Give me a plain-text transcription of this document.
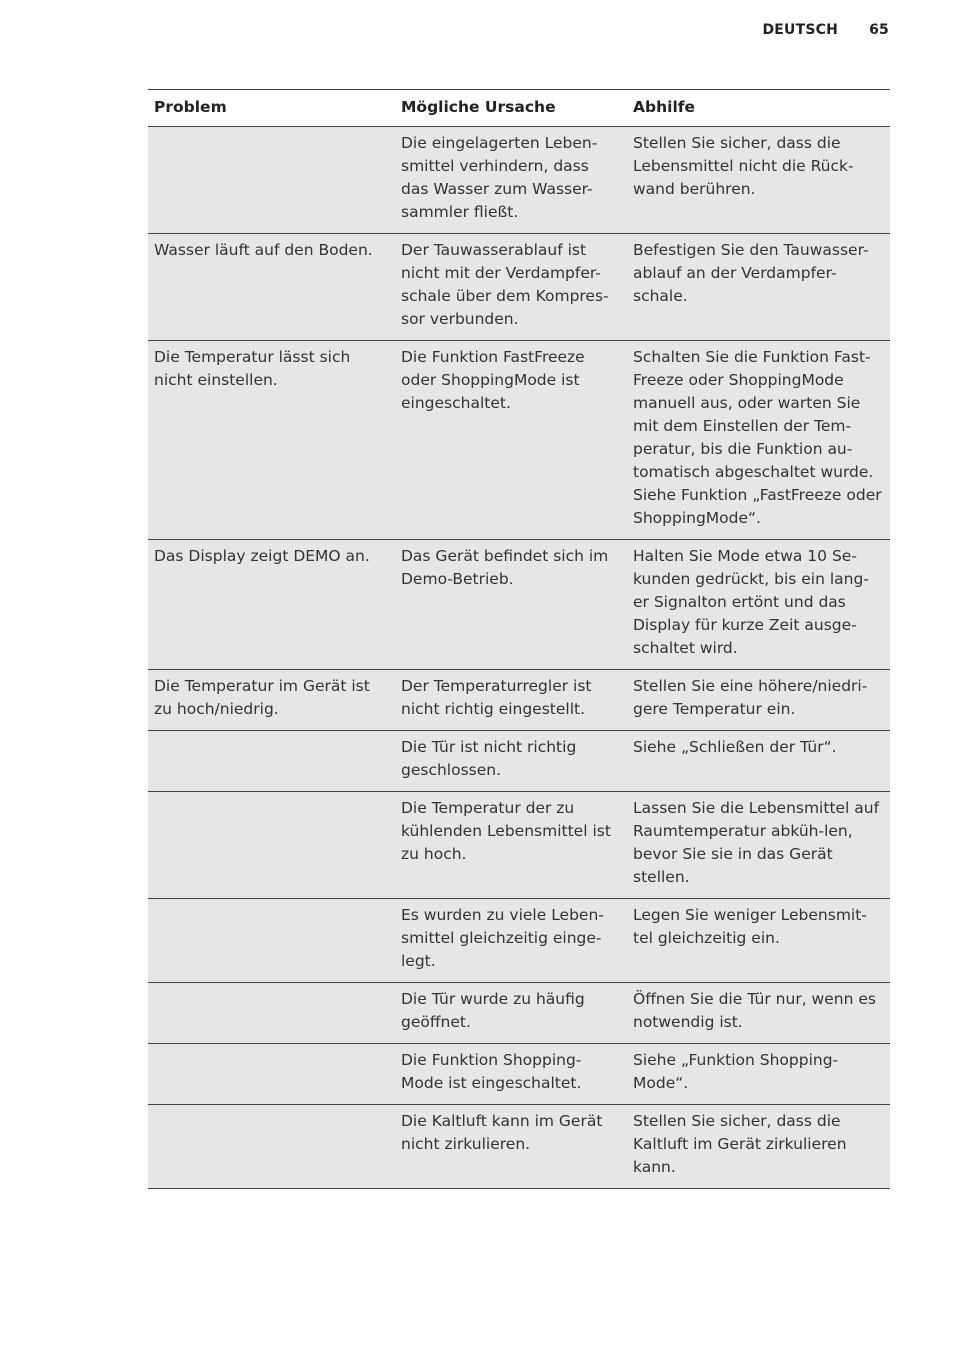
DEUTSCH 65
Problem	Mögliche Ursache	Abhilfe
	Die eingelagerten Leben-smittel verhindern, dass das Wasser zum Wasser-sammler fließt.	Stellen Sie sicher, dass die Lebensmittel nicht die Rück-wand berühren.
Wasser läuft auf den Boden.	Der Tauwasserablauf ist nicht mit der Verdampfer-schale über dem Kompres-sor verbunden.	Befestigen Sie den Tauwasser-ablauf an der Verdampfer-schale.
Die Temperatur lässt sich nicht einstellen.	Die Funktion FastFreeze oder ShoppingMode ist eingeschaltet.	Schalten Sie die Funktion Fast-Freeze oder ShoppingMode manuell aus, oder warten Sie mit dem Einstellen der Tem-peratur, bis die Funktion au-tomatisch abgeschaltet wurde. Siehe Funktion „FastFreeze oder ShoppingMode“.
Das Display zeigt DEMO an.	Das Gerät befindet sich im Demo-Betrieb.	Halten Sie Mode etwa 10 Se-kunden gedrückt, bis ein lang-er Signalton ertönt und das Display für kurze Zeit ausge-schaltet wird.
Die Temperatur im Gerät ist zu hoch/niedrig.	Der Temperaturregler ist nicht richtig eingestellt.	Stellen Sie eine höhere/niedri-gere Temperatur ein.
	Die Tür ist nicht richtig geschlossen.	Siehe „Schließen der Tür“.
	Die Temperatur der zu kühlenden Lebensmittel ist zu hoch.	Lassen Sie die Lebensmittel auf Raumtemperatur abküh-len, bevor Sie sie in das Gerät stellen.
	Es wurden zu viele Leben-smittel gleichzeitig einge-legt.	Legen Sie weniger Lebensmit-tel gleichzeitig ein.
	Die Tür wurde zu häufig geöffnet.	Öffnen Sie die Tür nur, wenn es notwendig ist.
	Die Funktion Shopping-Mode ist eingeschaltet.	Siehe „Funktion Shopping-Mode“.
	Die Kaltluft kann im Gerät nicht zirkulieren.	Stellen Sie sicher, dass die Kaltluft im Gerät zirkulieren kann.
